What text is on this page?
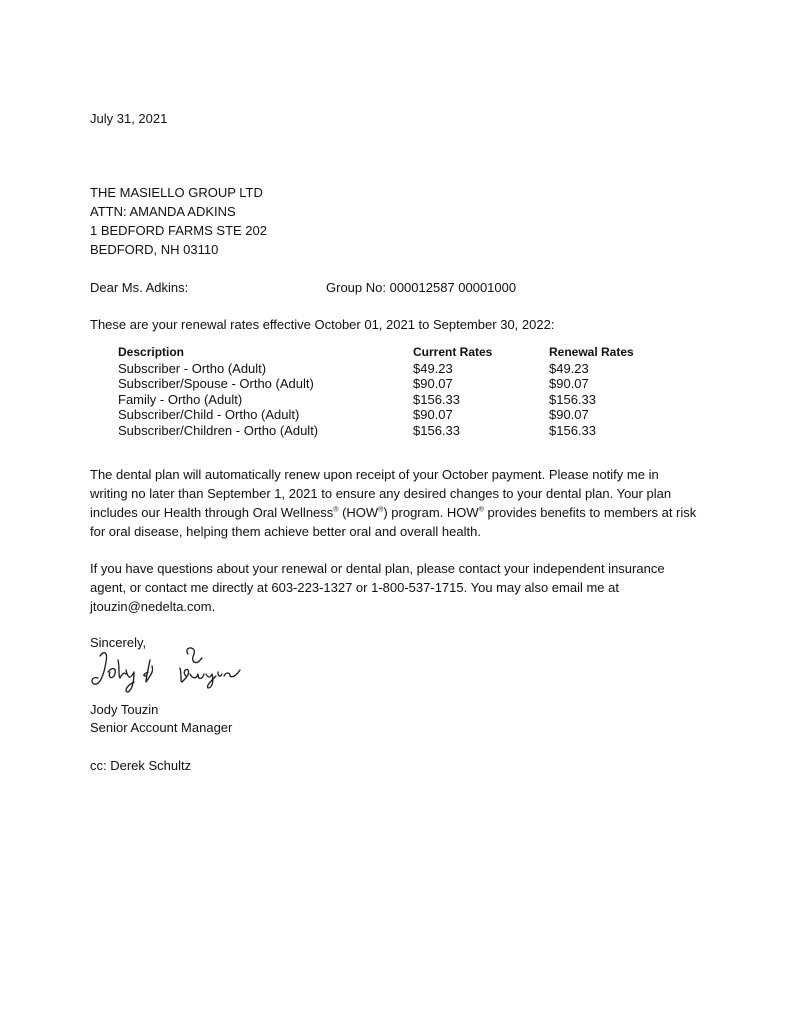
July 31, 2021
THE MASIELLO GROUP LTD
ATTN: AMANDA ADKINS
1 BEDFORD FARMS STE 202
BEDFORD, NH 03110
Dear Ms. Adkins:	Group No: 000012587 00001000
These are your renewal rates effective October 01, 2021 to September 30, 2022:
Description	Current Rates	Renewal Rates
Subscriber - Ortho (Adult)	$49.23	$49.23
Subscriber/Spouse - Ortho (Adult)	$90.07	$90.07
Family - Ortho (Adult)	$156.33	$156.33
Subscriber/Child - Ortho (Adult)	$90.07	$90.07
Subscriber/Children - Ortho (Adult)	$156.33	$156.33
The dental plan will automatically renew upon receipt of your October payment. Please notify me in
writing no later than September 1, 2021 to ensure any desired changes to your dental plan. Your plan
includes our Health through Oral Wellness® (HOW®) program. HOW® provides benefits to members at risk
for oral disease, helping them achieve better oral and overall health.
If you have questions about your renewal or dental plan, please contact your independent insurance
agent, or contact me directly at 603-223-1327 or 1-800-537-1715. You may also email me at
jtouzin@nedelta.com.
Sincerely,
Jody Touzin
Senior Account Manager
cc: Derek Schultz
